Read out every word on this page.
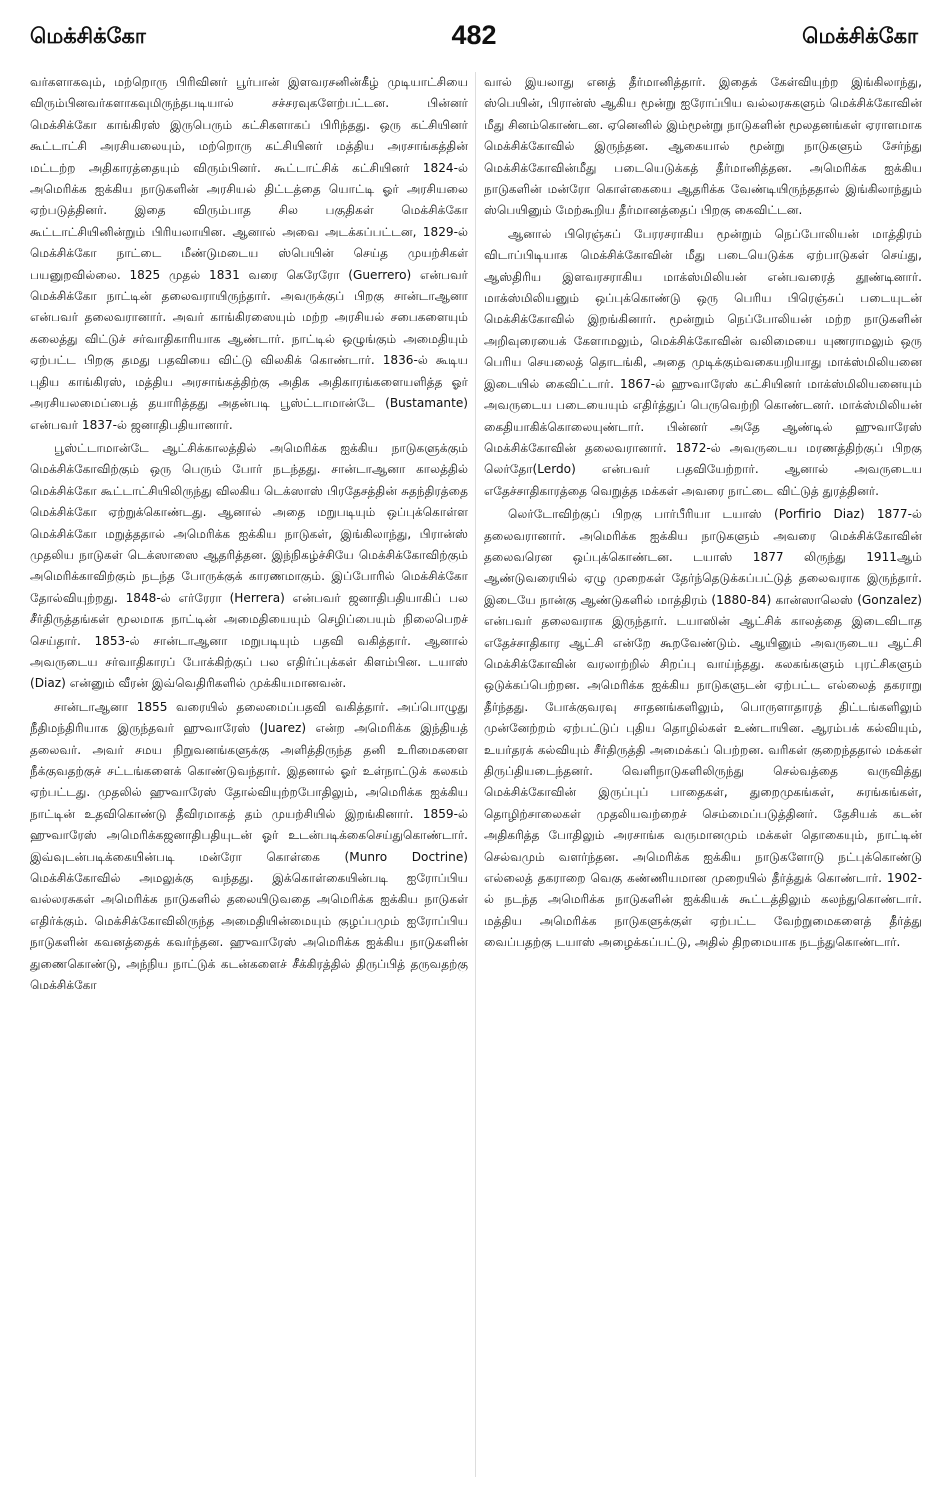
மெக்சிக்கோ	482	மெக்சிக்கோ

வர்களாகவும், மற்றொரு பிரிவினர் பூர்பான் இளவரசனின்கீழ் முடியாட்சியை விரும்பினவர்களாகவுமிருந்தபடியால் சச்சரவுகளேற்பட்டன. பின்னர் மெக்சிக்கோ காங்கிரஸ் இருபெரும் கட்சிகளாகப் பிரிந்தது. ஒரு கட்சியினர் கூட்டாட்சி அரசியலையும், மற்றொரு கட்சியினர் மத்திய அரசாங்கத்தின் மட்டற்ற அதிகாரத்தையும் விரும்பினர். கூட்டாட்சிக் கட்சியினர் 1824-ல் அமெரிக்க ஐக்கிய நாடுகளின் அரசியல் திட்டத்தை யொட்டி ஓர் அரசியலை ஏற்படுத்தினர். இதை விரும்பாத சில பகுதிகள் மெக்சிக்கோ கூட்டாட்சியினின்றும் பிரியலாயின. ஆனால் அவை அடக்கப்பட்டன, 1829-ல் மெக்சிக்கோ நாட்டை மீண்டுமடைய ஸ்பெயின் செய்த முயற்சிகள் பயனுறவில்லை. 1825 முதல் 1831 வரை கெரேரோ (Guerrero) என்பவர் மெக்சிக்கோ நாட்டின் தலைவராயிருந்தார். அவருக்குப் பிறகு சான்டாஆனா என்பவர் தலைவரானார். அவர் காங்கிரஸையும் மற்ற அரசியல் சபைகளையும் கலைத்து விட்டுச் சர்வாதிகாரியாக ஆண்டார். நாட்டில் ஒழுங்கும் அமைதியும் ஏற்பட்ட பிறகு தமது பதவியை விட்டு விலகிக் கொண்டார். 1836-ல் கூடிய புதிய காங்கிரஸ், மத்திய அரசாங்கத்திற்கு அதிக அதிகாரங்களையளித்த ஓர் அரசியலமைப்பைத் தயாரித்தது அதன்படி பூஸ்ட்டாமான்டே (Bustamante) என்பவர் 1837-ல் ஜனாதிபதியானார்.

பூஸ்ட்டாமான்டே ஆட்சிக்காலத்தில் அமெரிக்க ஐக்கிய நாடுகளுக்கும் மெக்சிக்கோவிற்கும் ஒரு பெரும் போர் நடந்தது. சான்டாஆனா காலத்தில் மெக்சிக்கோ கூட்டாட்சியிலிருந்து விலகிய டெக்ஸாஸ் பிரதேசத்தின் சுதந்திரத்தை மெக்சிக்கோ ஏற்றுக்கொண்டது. ஆனால் அதை மறுபடியும் ஒப்புக்கொள்ள மெக்சிக்கோ மறுத்ததால் அமெரிக்க ஐக்கிய நாடுகள், இங்கிலாந்து, பிரான்ஸ் முதலிய நாடுகள் டெக்ஸாஸை ஆதரித்தன. இந்நிகழ்ச்சியே மெக்சிக்கோவிற்கும் அமெரிக்காவிற்கும் நடந்த போருக்குக் காரணமாகும். இப்போரில் மெக்சிக்கோ தோல்வியுற்றது. 1848-ல் எர்ரேரா (Herrera) என்பவர் ஜனாதிபதியாகிப் பல சீர்திருத்தங்கள் மூலமாக நாட்டின் அமைதியையும் செழிப்பையும் நிலைபெறச் செய்தார். 1853-ல் சான்டாஆனா மறுபடியும் பதவி வகித்தார். ஆனால் அவருடைய சர்வாதிகாரப் போக்கிற்குப் பல எதிர்ப்புக்கள் கிளம்பின. டயாஸ் (Diaz) என்னும் வீரன் இவ்வெதிரிகளில் முக்கியமானவன்.

சான்டாஆனா 1855 வரையில் தலைமைப்பதவி வகித்தார். அப்பொழுது நீதிமந்திரியாக இருந்தவர் ஹுவாரேஸ் (Juarez) என்ற அமெரிக்க இந்தியத் தலைவர். அவர் சமய நிறுவனங்களுக்கு அளித்திருந்த தனி உரிமைகளை நீக்குவதற்குச் சட்டங்களைக் கொண்டுவந்தார். இதனால் ஓர் உள்நாட்டுக் கலகம் ஏற்பட்டது. முதலில் ஹுவாரேஸ் தோல்வியுற்றபோதிலும், அமெரிக்க ஐக்கிய நாட்டின் உதவிகொண்டு தீவிரமாகத் தம் முயற்சியில் இறங்கினார். 1859-ல் ஹுவாரேஸ் அமெரிக்கஜனாதிபதியுடன் ஓர் உடன்படிக்கைசெய்துகொண்டார். இவ்வுடன்படிக்கையின்படி மன்ரோ கொள்கை (Munro Doctrine) மெக்சிக்கோவில் அமலுக்கு வந்தது. இக்கொள்கையின்படி ஐரோப்பிய வல்லரசுகள் அமெரிக்க நாடுகளில் தலையிடுவதை அமெரிக்க ஐக்கிய நாடுகள் எதிர்க்கும். மெக்சிக்கோவிலிருந்த அமைதியின்மையும் குழப்பமும் ஐரோப்பிய நாடுகளின் கவனத்தைக் கவர்ந்தன. ஹுவாரேஸ் அமெரிக்க ஐக்கிய நாடுகளின் துணைகொண்டு, அந்நிய நாட்டுக் கடன்களைச் சீக்கிரத்தில் திருப்பித் தருவதற்கு மெக்சிக்கோ

வால் இயலாது எனத் தீர்மானித்தார். இதைக் கேள்வியுற்ற இங்கிலாந்து, ஸ்பெயின், பிரான்ஸ் ஆகிய மூன்று ஐரோப்பிய வல்லரசுகளும் மெக்சிக்கோவின் மீது சினம்கொண்டன. ஏனெனில் இம்மூன்று நாடுகளின் மூலதனங்கள் ஏராளமாக மெக்சிக்கோவில் இருந்தன. ஆகையால் மூன்று நாடுகளும் சேர்ந்து மெக்சிக்கோவின்மீது படையெடுக்கத் தீர்மானித்தன. அமெரிக்க ஐக்கிய நாடுகளின் மன்ரோ கொள்கையை ஆதரிக்க வேண்டியிருந்ததால் இங்கிலாந்தும் ஸ்பெயினும் மேற்கூறிய தீர்மானத்தைப் பிறகு கைவிட்டன.

ஆனால் பிரெஞ்சுப் பேரரசராகிய மூன்றும் நெப்போலியன் மாத்திரம் விடாப்பிடியாக மெக்சிக்கோவின் மீது படையெடுக்க ஏற்பாடுகள் செய்து, ஆஸ்திரிய இளவரசராகிய மாக்ஸ்மிலியன் என்பவரைத் தூண்டினார். மாக்ஸ்மிலியனும் ஒப்புக்கொண்டு ஒரு பெரிய பிரெஞ்சுப் படையுடன் மெக்சிக்கோவில் இறங்கினார். மூன்றும் நெப்போலியன் மற்ற நாடுகளின் அறிவுரையைக் கேளாமலும், மெக்சிக்கோவின் வலிமையை யுணராமலும் ஒரு பெரிய செயலைத் தொடங்கி, அதை முடிக்கும்வகையறியாது மாக்ஸ்மிலியனை இடையில் கைவிட்டார். 1867-ல் ஹுவாரேஸ் கட்சியினர் மாக்ஸ்மிலியனையும் அவருடைய படையையும் எதிர்த்துப் பெருவெற்றி கொண்டனர். மாக்ஸ்மிலியன் கைதியாகிக்கொலையுண்டார். பின்னர் அதே ஆண்டில் ஹுவாரேஸ் மெக்சிக்கோவின் தலைவரானார். 1872-ல் அவருடைய மரணத்திற்குப் பிறகு லெர்தோ(Lerdo) என்பவர் பதவியேற்றார். ஆனால் அவருடைய எதேச்சாதிகாரத்தை வெறுத்த மக்கள் அவரை நாட்டை விட்டுத் துரத்தினர்.

லெர்டோவிற்குப் பிறகு பார்பீரியா டயாஸ் (Porfirio Diaz) 1877-ல் தலைவரானார். அமெரிக்க ஐக்கிய நாடுகளும் அவரை மெக்சிக்கோவின் தலைவரென ஒப்புக்கொண்டன. டயாஸ் 1877 லிருந்து 1911ஆம் ஆண்டுவரையில் ஏழு முறைகள் தேர்ந்தெடுக்கப்பட்டுத் தலைவராக இருந்தார். இடையே நான்கு ஆண்டுகளில் மாத்திரம் (1880-84) கான்ஸாலெஸ் (Gonzalez) என்பவர் தலைவராக இருந்தார். டயாஸின் ஆட்சிக் காலத்தை இடைவிடாத எதேச்சாதிகார ஆட்சி என்றே கூறவேண்டும். ஆயினும் அவருடைய ஆட்சி மெக்சிக்கோவின் வரலாற்றில் சிறப்பு வாய்ந்தது. கலகங்களும் புரட்சிகளும் ஒடுக்கப்பெற்றன. அமெரிக்க ஐக்கிய நாடுகளுடன் ஏற்பட்ட எல்லைத் தகராறு தீர்ந்தது. போக்குவரவு சாதனங்களிலும், பொருளாதாரத் திட்டங்களிலும் முன்னேற்றம் ஏற்பட்டுப் புதிய தொழில்கள் உண்டாயின. ஆரம்பக் கல்வியும், உயர்தரக் கல்வியும் சீர்திருத்தி அமைக்கப் பெற்றன. வரிகள் குறைந்ததால் மக்கள் திருப்தியடைந்தனர். வெளிநாடுகளிலிருந்து செல்வத்தை வருவித்து மெக்சிக்கோவின் இருப்புப் பாதைகள், துறைமுகங்கள், சுரங்கங்கள், தொழிற்சாலைகள் முதலியவற்றைச் செம்மைப்படுத்தினர். தேசியக் கடன் அதிகரித்த போதிலும் அரசாங்க வருமானமும் மக்கள் தொகையும், நாட்டின் செல்வமும் வளர்ந்தன. அமெரிக்க ஐக்கிய நாடுகளோடு நட்புக்கொண்டு எல்லைத் தகராறை வெகு கண்ணியமான முறையில் தீர்த்துக் கொண்டார். 1902-ல் நடந்த அமெரிக்க நாடுகளின் ஐக்கியக் கூட்டத்திலும் கலந்துகொண்டார். மத்திய அமெரிக்க நாடுகளுக்குள் ஏற்பட்ட வேற்றுமைகளைத் தீர்த்து வைப்பதற்கு டயாஸ் அழைக்கப்பட்டு, அதில் திறமையாக நடந்துகொண்டார்.
